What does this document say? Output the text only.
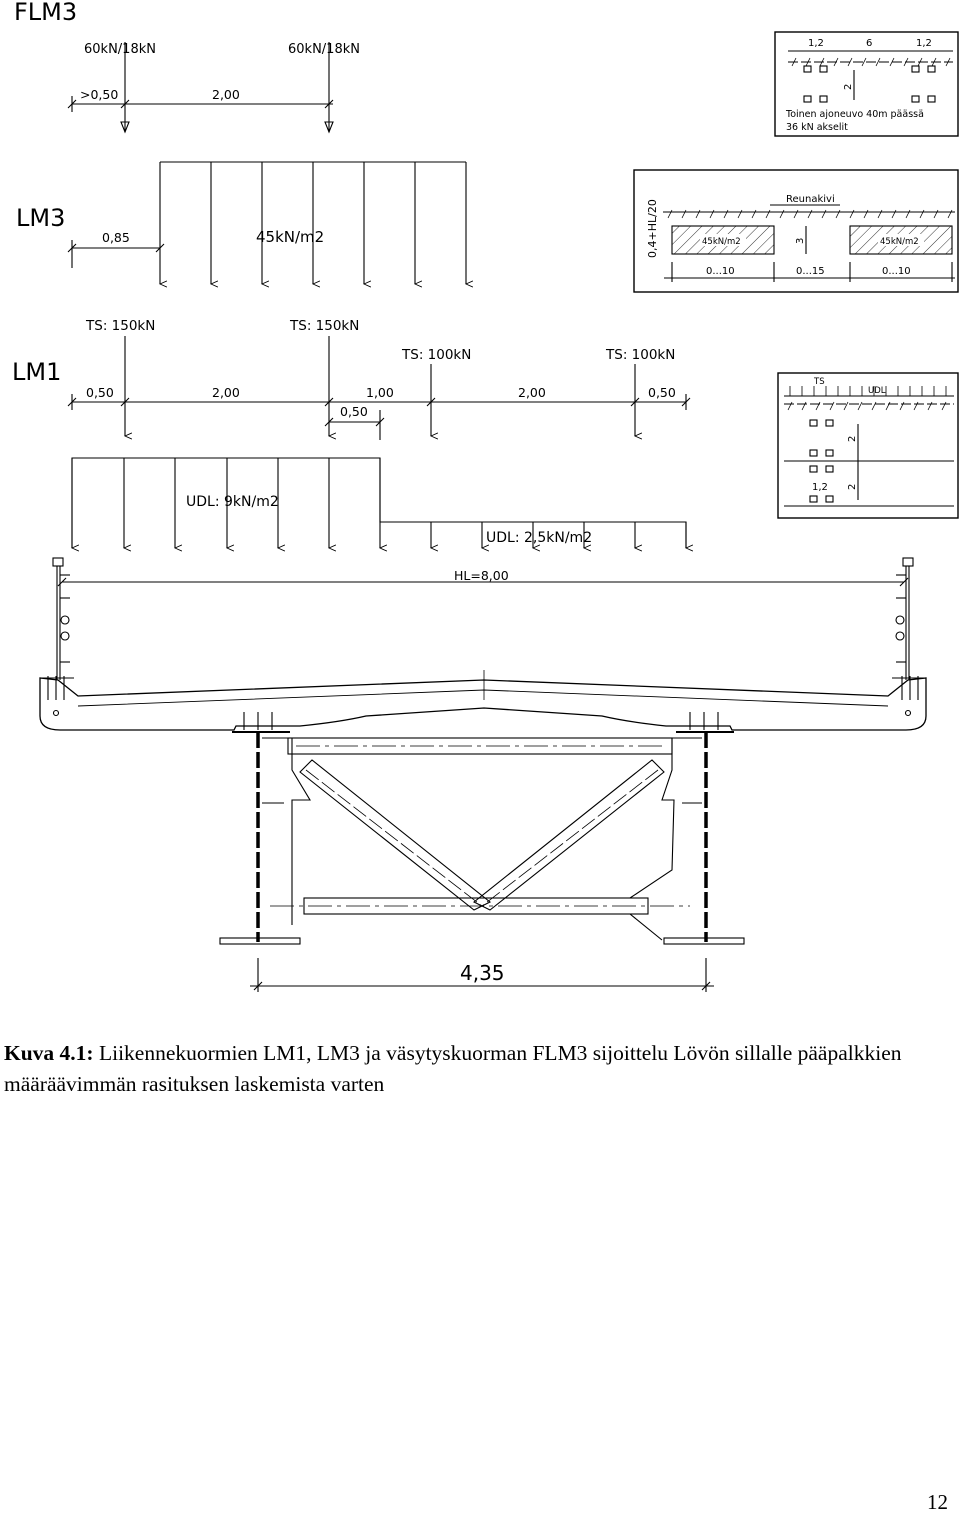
FLM3
60kN/18kN	60kN/18kN
>0,50	2,00
1,2	6	1,2
2
Toinen ajoneuvo 40m päässä
36 kN akselit
LM3
0,85	45kN/m2	0,4+HL/20	Reunakivi
45kN/m2	45kN/m2
3
0...10	0...15	0...10
LM1
TS: 150kN	TS: 150kN
TS: 100kN	TS: 100kN
0,50	2,00	1,00	2,00	0,50
0,50
UDL: 9kN/m2
UDL: 2,5kN/m2
TS
UDL
2
2
1,2
HL=8,00
4,35
Kuva 4.1: Liikennekuormien LM1, LM3 ja väsytyskuorman FLM3 sijoittelu Lövön sillalle pääpalkkien määräävimmän rasituksen laskemista varten
12
